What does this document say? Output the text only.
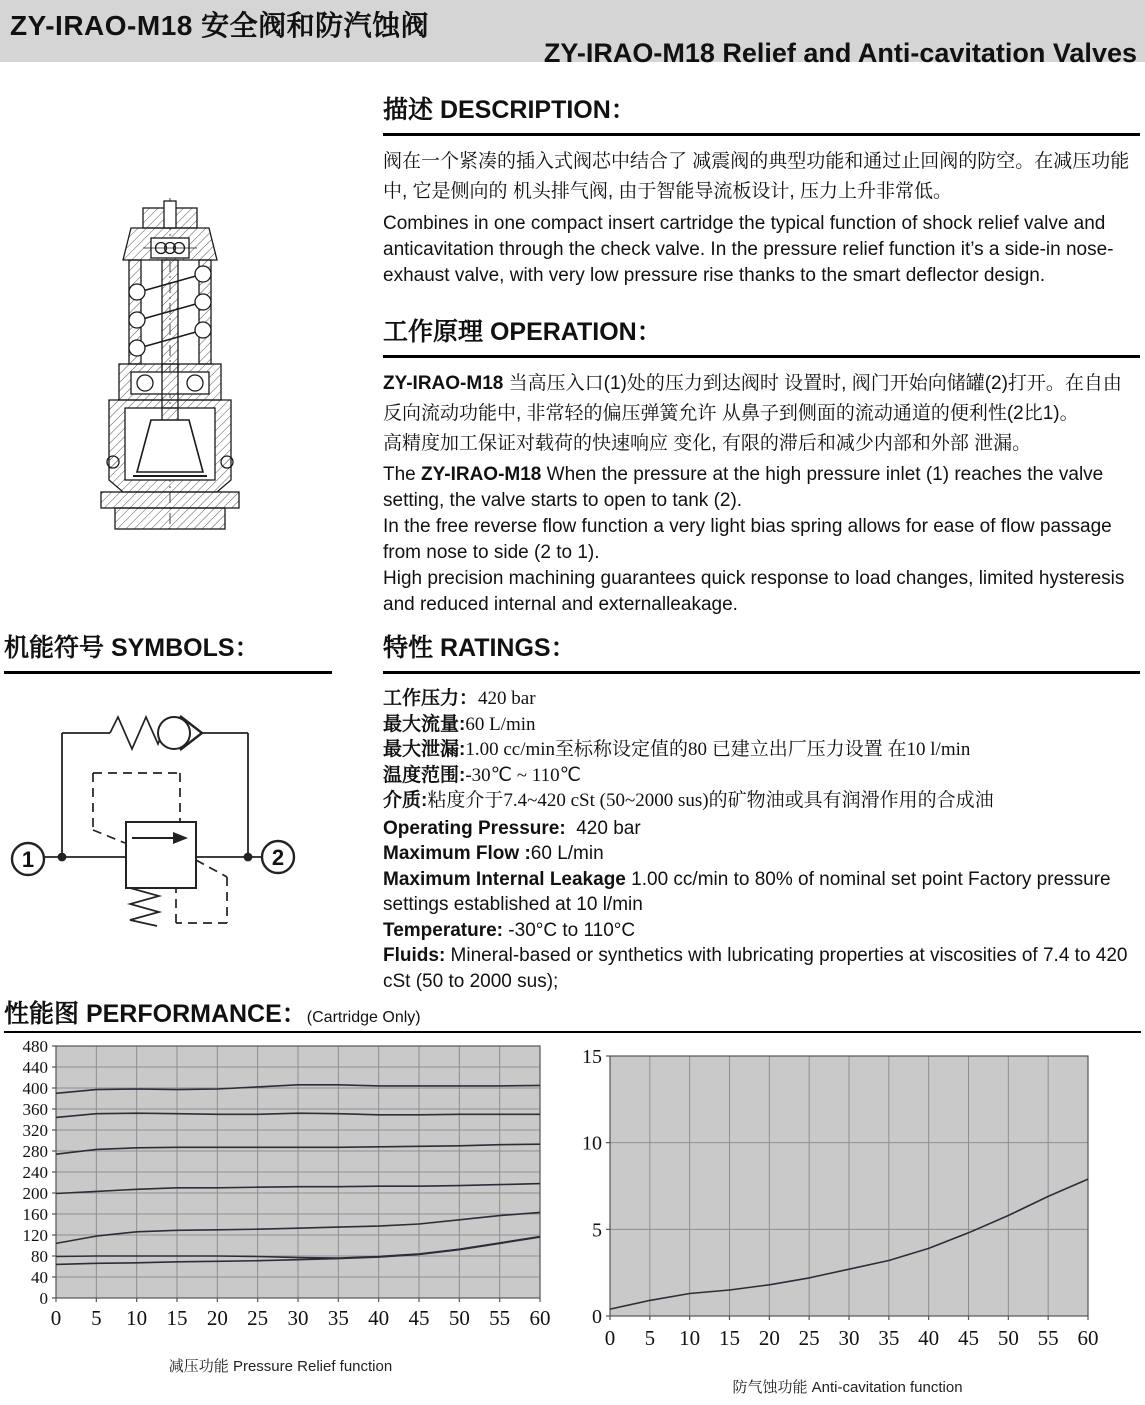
ZY-IRAO-M18 安全阀和防汽蚀阀
ZY-IRAO-M18 Relief and Anti-cavitation Valves
描述 DESCRIPTION：
阀在一个紧凑的插入式阀芯中结合了 减震阀的典型功能和通过止回阀的防空。在减压功能中, 它是侧向的 机头排气阀, 由于智能导流板设计, 压力上升非常低。
Combines in one compact insert cartridge the typical function of shock relief valve and anticavitation through the check valve. In the pressure relief function it’s a side-in nose-exhaust valve, with very low pressure rise thanks to the smart deflector design.
工作原理 OPERATION：

ZY-IRAO-M18 当高压入口(1)处的压力到达阀时 设置时, 阀门开始向储罐(2)打开。在自由反向流动功能中, 非常轻的偏压弹簧允许 从鼻子到侧面的流动通道的便利性(2比1)。

高精度加工保证对载荷的快速响应 变化, 有限的滞后和减少内部和外部 泄漏。

The ZY-IRAO-M18 When the pressure at the high pressure inlet (1) reaches the valve setting, the valve starts to open to tank (2).

In the free reverse flow function a very light bias spring allows for ease of flow passage from nose to side (2 to 1).

High precision machining guarantees quick response to load changes, limited hysteresis and reduced internal and externalleakage.

机能符号 SYMBOLS：
1	2
特性 RATINGS：
工作压力：420 bar
最大流量:60 L/min
最大泄漏:1.00 cc/min至标称设定值的80 已建立出厂压力设置 在10 l/min
温度范围:-30℃ ~ 110℃
介质:粘度介于7.4~420 cSt (50~2000 sus)的矿物油或具有润滑作用的合成油
Operating Pressure:  420 bar
Maximum Flow :60 L/min
Maximum Internal Leakage 1.00 cc/min to 80% of nominal set point Factory pressure settings established at 10 l/min
Temperature: -30°C to 110°C
Fluids: Mineral-based or synthetics with lubricating properties at viscosities of 7.4 to 420 cSt (50 to 2000 sus);
性能图 PERFORMANCE：(Cartridge Only)
0
40
80
120
160
200
240
280
320
360
400
440
480
0 5 10 15 20 25 30 35 40 45 50 55 60 0
5
10
15
0 5 10 15 20 25 30 35 40 45 50 55 60
减压功能 Pressure Relief function
防气蚀功能 Anti-cavitation function
